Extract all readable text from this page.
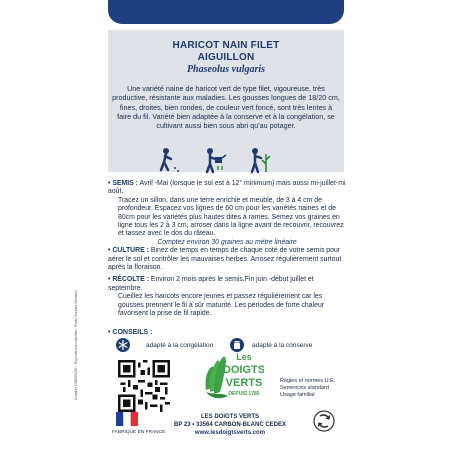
HARICOT NAIN FILET
AIGUILLON
Phaseolus vulgaris
Une variété naine de haricot vert de type filet, vigoureuse, très productive, résistante aux maladies. Les gousses longues de 18/20 cm, fines, droites, bien rondes, de couleur vert foncé, sont très lentes à faire du fil. Variété bien adaptée à la conserve et à la congélation, se cultivant aussi bien sous abri qu'au potager.

• SEMIS : Avril -Mai (lorsque le sol est à 12° minimum) mais aussi mi-juillet-mi août.

Tracez un sillon, dans une terre enrichie et meuble, de 3 à 4 cm de profondeur. Espacez vos lignes de 60 cm pour les variétés naines et de 80cm pour les variétés plus hautes dites à rames. Semez vos graines en ligne tous les 2 à 3 cm, arroser dans la ligne avant de recouvrir, recouvrez et tassez avec le dos du râteau.

Comptez environ 30 graines au mètre linéaire

• CULTURE : Binez de temps en temps de chaque coté de votre semis pour aérer le sol et contrôler les mauvaises herbes. Arrosez régulièrement surtout après la floraison.

• RÉCOLTE : Environ 2 mois après le semis.Fin juin -début juillet et septembre.

Cueillez les haricots encore jeunes et passez régulièrement car les gousses prennent le fil à sûr maturité. Les périodes de forte chaleur favorisent la prise de fil rapide.

• CONSEILS :
adapté à la congélation	adapté à la conserve
Les
DOIGTS
VERTS
DEPUIS 1785
Règles et normes U.E.
Semences standard
Usage familial
FABRIQUÉ EN FRANCE
LES DOIGTS VERTS
BP 23 • 33564 CARBON-BLANC CEDEX
www.lesdoigtsverts.com
Création DIDIERLEE - Reproduction interdite - Photo Sarthes Géinerel
